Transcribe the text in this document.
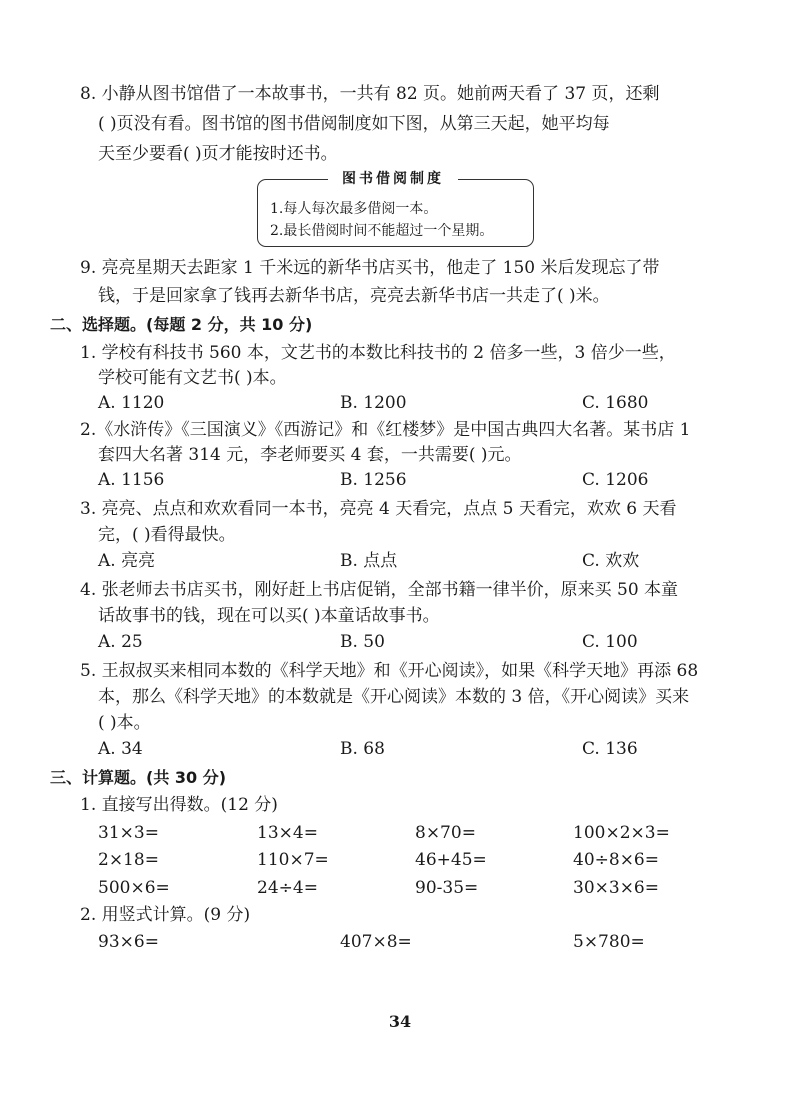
8. 小静从图书馆借了一本故事书，一共有 82 页。她前两天看了 37 页，还剩
( )页没有看。图书馆的图书借阅制度如下图，从第三天起，她平均每
天至少要看( )页才能按时还书。
图书借阅制度
1.每人每次最多借阅一本。
2.最长借阅时间不能超过一个星期。
9. 亮亮星期天去距家 1 千米远的新华书店买书，他走了 150 米后发现忘了带
钱，于是回家拿了钱再去新华书店，亮亮去新华书店一共走了( )米。
二、选择题。(每题 2 分，共 10 分)
1. 学校有科技书 560 本，文艺书的本数比科技书的 2 倍多一些，3 倍少一些，
学校可能有文艺书( )本。
A. 1120	B. 1200	C. 1680
2.《水浒传》《三国演义》《西游记》和《红楼梦》是中国古典四大名著。某书店 1
套四大名著 314 元，李老师要买 4 套，一共需要( )元。
A. 1156	B. 1256	C. 1206
3. 亮亮、点点和欢欢看同一本书，亮亮 4 天看完，点点 5 天看完，欢欢 6 天看
完，( )看得最快。
A. 亮亮	B. 点点	C. 欢欢
4. 张老师去书店买书，刚好赶上书店促销，全部书籍一律半价，原来买 50 本童
话故事书的钱，现在可以买( )本童话故事书。
A. 25	B. 50	C. 100
5. 王叔叔买来相同本数的《科学天地》和《开心阅读》，如果《科学天地》再添 68
本，那么《科学天地》的本数就是《开心阅读》本数的 3 倍，《开心阅读》买来
( )本。
A. 34	B. 68	C. 136
三、计算题。(共 30 分)
1. 直接写出得数。(12 分)
31×3=	13×4=	8×70=	100×2×3=
2×18=	110×7=	46+45=	40÷8×6=
500×6=	24÷4=	90-35=	30×3×6=
2. 用竖式计算。(9 分)
93×6=	407×8=	5×780=
34
